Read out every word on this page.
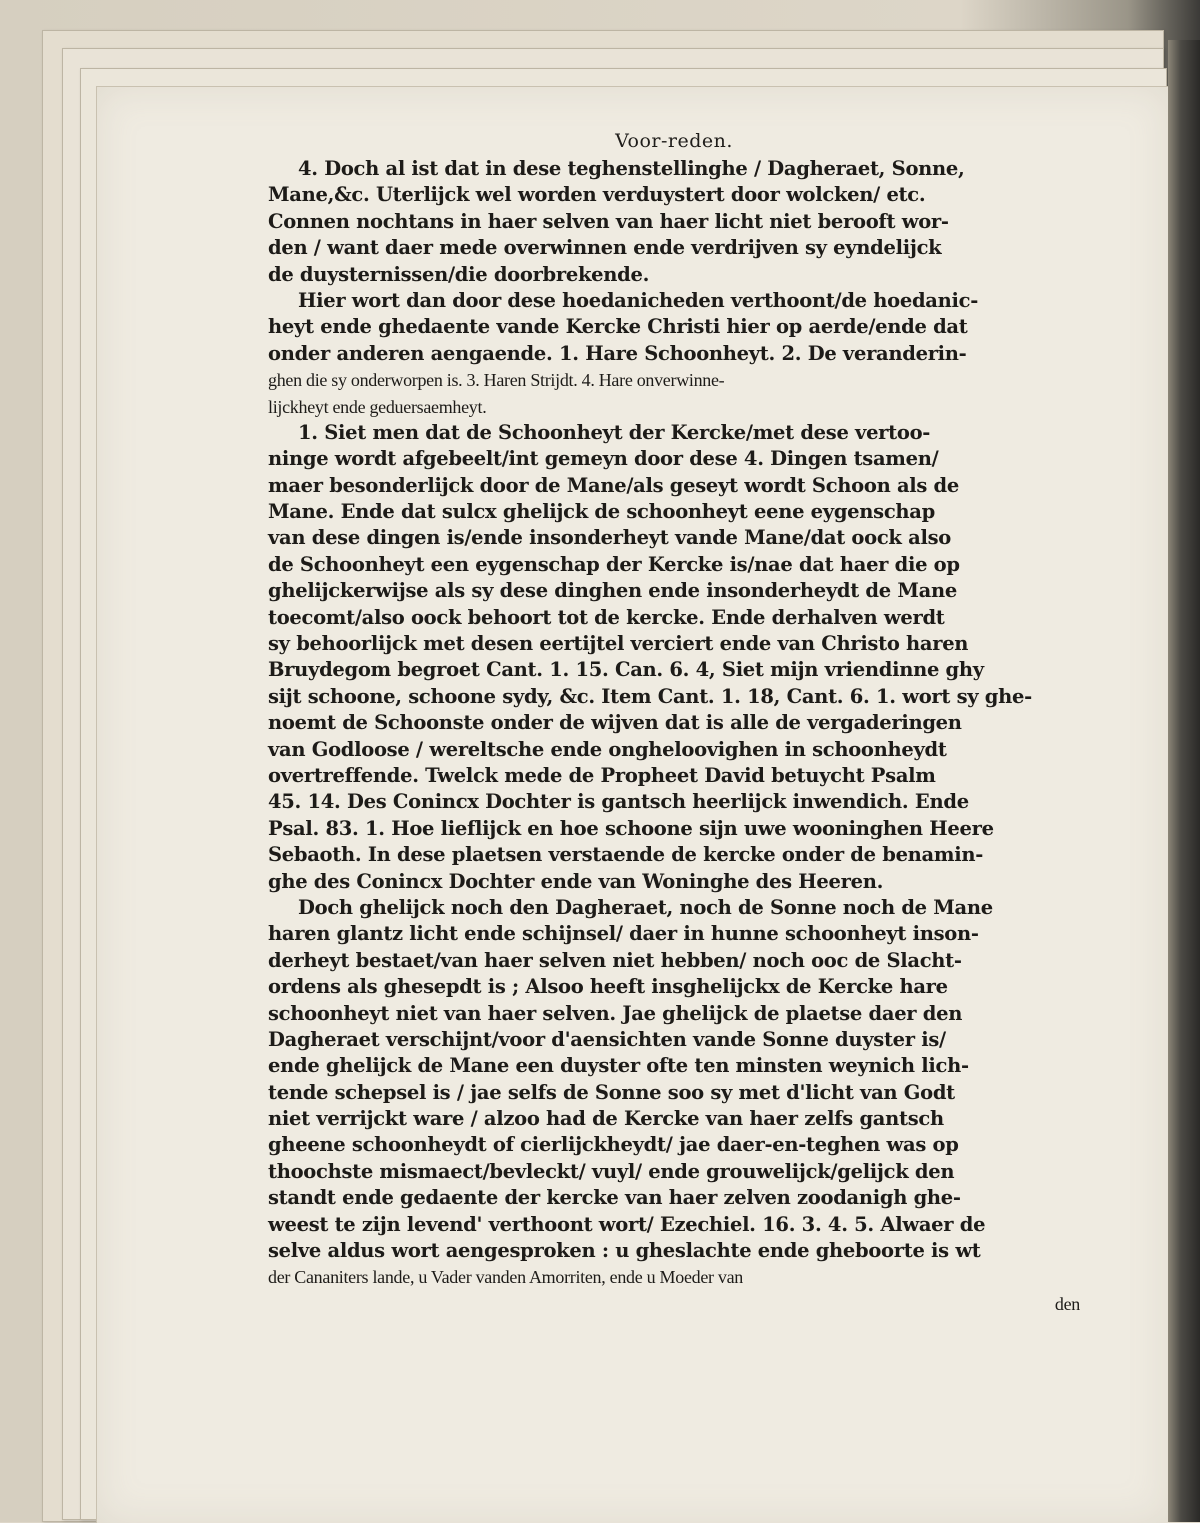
Voor-reden.
4. Doch al ist dat in dese teghenstellinghe / Dagheraet, Sonne,
Mane,&c. Uterlijck wel worden verduystert door wolcken/ etc.
Connen nochtans in haer selven van haer licht niet berooft wor-
den / want daer mede overwinnen ende verdrijven sy eyndelijck
de duysternissen/die doorbrekende.
Hier wort dan door dese hoedanicheden verthoont/de hoedanic-
heyt ende ghedaente vande Kercke Christi hier op aerde/ende dat
onder anderen aengaende. 1. Hare Schoonheyt. 2. De veranderin-
ghen die sy onderworpen is. 3. Haren Strijdt. 4. Hare onverwinne-
lijckheyt ende geduersaemheyt.
1. Siet men dat de Schoonheyt der Kercke/met dese vertoo-
ninge wordt afgebeelt/int gemeyn door dese 4. Dingen tsamen/
maer besonderlijck door de Mane/als geseyt wordt Schoon als de
Mane. Ende dat sulcx ghelijck de schoonheyt eene eygenschap
van dese dingen is/ende insonderheyt vande Mane/dat oock also
de Schoonheyt een eygenschap der Kercke is/nae dat haer die op
ghelijckerwijse als sy dese dinghen ende insonderheydt de Mane
toecomt/also oock behoort tot de kercke. Ende derhalven werdt
sy behoorlijck met desen eertijtel verciert ende van Christo haren
Bruydegom begroet Cant. 1. 15. Can. 6. 4, Siet mijn vriendinne ghy
sijt schoone, schoone sydy, &c. Item Cant. 1. 18, Cant. 6. 1. wort sy ghe-
noemt de Schoonste onder de wijven dat is alle de vergaderingen
van Godloose / wereltsche ende ongheloovighen in schoonheydt
overtreffende. Twelck mede de Propheet David betuycht Psalm
45. 14. Des Conincx Dochter is gantsch heerlijck inwendich. Ende
Psal. 83. 1. Hoe lieflijck en hoe schoone sijn uwe wooninghen Heere
Sebaoth. In dese plaetsen verstaende de kercke onder de benamin-
ghe des Conincx Dochter ende van Woninghe des Heeren.
Doch ghelijck noch den Dagheraet, noch de Sonne noch de Mane
haren glantz licht ende schijnsel/ daer in hunne schoonheyt inson-
derheyt bestaet/van haer selven niet hebben/ noch ooc de Slacht-
ordens als ghesepdt is ; Alsoo heeft insghelijckx de Kercke hare
schoonheyt niet van haer selven. Jae ghelijck de plaetse daer den
Dagheraet verschijnt/voor d'aensichten vande Sonne duyster is/
ende ghelijck de Mane een duyster ofte ten minsten weynich lich-
tende schepsel is / jae selfs de Sonne soo sy met d'licht van Godt
niet verrijckt ware / alzoo had de Kercke van haer zelfs gantsch
gheene schoonheydt of cierlijckheydt/ jae daer-en-teghen was op
thoochste mismaect/bevleckt/ vuyl/ ende grouwelijck/gelijck den
standt ende gedaente der kercke van haer zelven zoodanigh ghe-
weest te zijn levend' verthoont wort/ Ezechiel. 16. 3. 4. 5. Alwaer de
selve aldus wort aengesproken : u gheslachte ende gheboorte is wt
der Cananiters lande, u Vader vanden Amorriten, ende u Moeder van
den
